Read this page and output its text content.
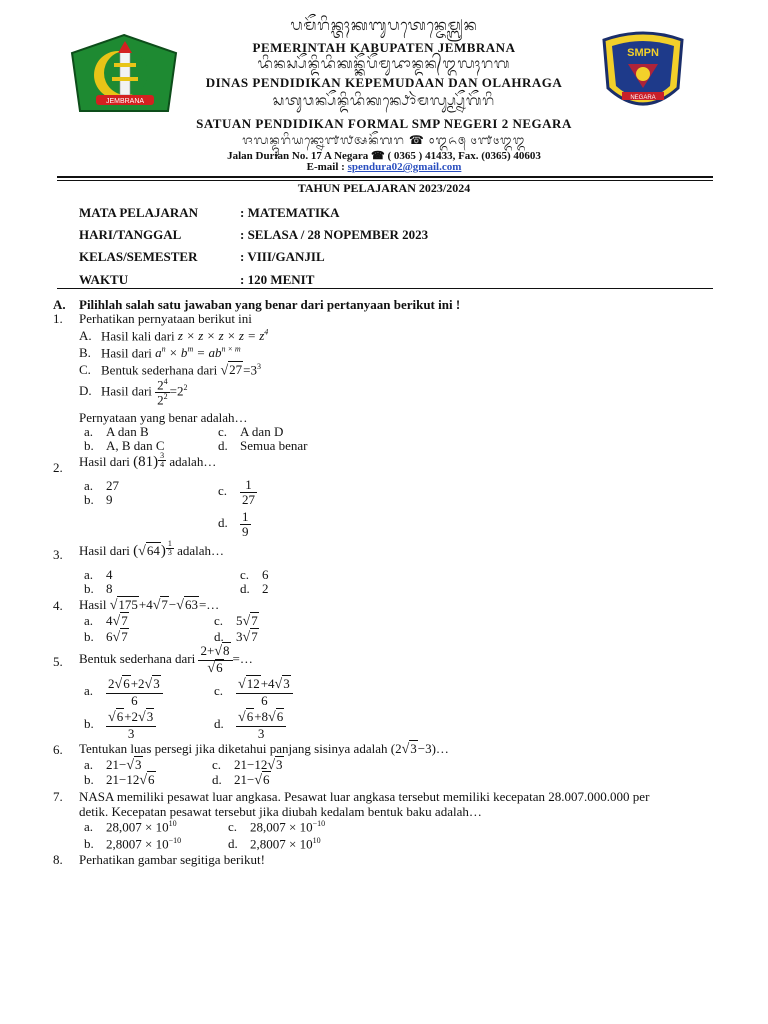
JEMBRANA
SMPN
NEGARA
ᬧᬫᭂᬭᬶᬦ᭄ᬢᬄᬓᬩᬸᬧᬢᬾᬦ᭄ᬚᬾᬫ᭄ᬩ᭄ᬭᬦ
PEMERINTAH KABUPATEN JEMBRANA
ᬤᬶᬦᬲ᭄ᬧᭂᬦ᭄ᬤᬶᬤᬶᬓᬦ᭄ᬓᭂᬧᭂᬫᬸᬤᬵᬦ᭄ᬤᬦ᭄ᬑᬮᬄᬭᬕ
DINAS PENDIDIKAN KEPEMUDAAN DAN OLAHRAGA
ᬲᬢᬸᬯᬦ᭄ᬧᭂᬦ᭄ᬤᬶᬤᬶᬓᬦ᭄ᬨᭀᬃᬫᬮ᭄ᬲ᭄ᬫ᭄ᬧ᭄ᬦᭂᬕᭂᬭᬶ
SATUAN PENDIDIKAN FORMAL SMP NEGERI 2 NEGARA
ᬚᬮᬦ᭄ᬤᬸᬭᬶᬬᬦ᭄ᬦᭀ᭑᭗ᬅᬦᭂᬕᬭ ☎ ᭐᭓᭖᭕ ᭔᭑᭔᭓᭓
Jalan Durian No. 17 A Negara ☎ ( 0365 ) 41433, Fax. (0365) 40603
E-mail : spendura02@gmail.com
TAHUN PELAJARAN 2023/2024
MATA PELAJARAN	: MATEMATIKA
HARI/TANGGAL	: SELASA / 28 NOPEMBER 2023
KELAS/SEMESTER	: VIII/GANJIL
WAKTU	: 120 MENIT
A. Pilihlah salah satu jawaban yang benar dari pertanyaan berikut ini !
1. Perhatikan pernyataan berikut ini
A. Hasil kali dari $z \times z \times z \times z = z^4$
B. Hasil dari $a^n \times b^m = ab^{n \times m}$
C. Bentuk sederhana dari $√27=3^3$
D. Hasil dari $\frac{2^4}{2^2} =2^2$
Pernyataan yang benar adalah…
a. A dan B	c. A dan D
b. A, B dan C	d. Semua benar
2. Hasil dari $(81) \frac{3}{4}$ adalah…
a. 27
b. 9
c. $\frac{1}{27}$
d. $\frac{1}{9}$
3. Hasil dari $(√64) \frac{1}{3}$ adalah…
a. 4	c. 6
b. 8	d. 2
4. Hasil √175+4√7−√63=…
a. 4√7	c. 5√7
b. 6√7	d. 3√7
5. Bentuk sederhana dari $\frac{2+√8}{√6}$ =…
a. $\frac{2√6+2√3}{6}$	c. $\frac{√12+4√3}{6}$
b. $\frac{√6+2√3}{3}$	d. $\frac{√6+8√6}{3}$
6. Tentukan luas persegi jika diketahui panjang sisinya adalah (2√3−3)…
a. 21−√3	c. 21−12√3
b. 21−12√6	d. 21−√6
7. NASA memiliki pesawat luar angkasa. Pesawat luar angkasa tersebut memiliki kecepatan 28.007.000.000 per
detik. Kecepatan pesawat tersebut jika diubah kedalam bentuk baku adalah…
a. $28,007 \times 10^{10}$	c. $28,007 \times 10^{-10}$
b. $2,8007 \times 10^{-10}$	d. $2,8007 \times 10^{10}$
8. Perhatikan gambar segitiga berikut!
